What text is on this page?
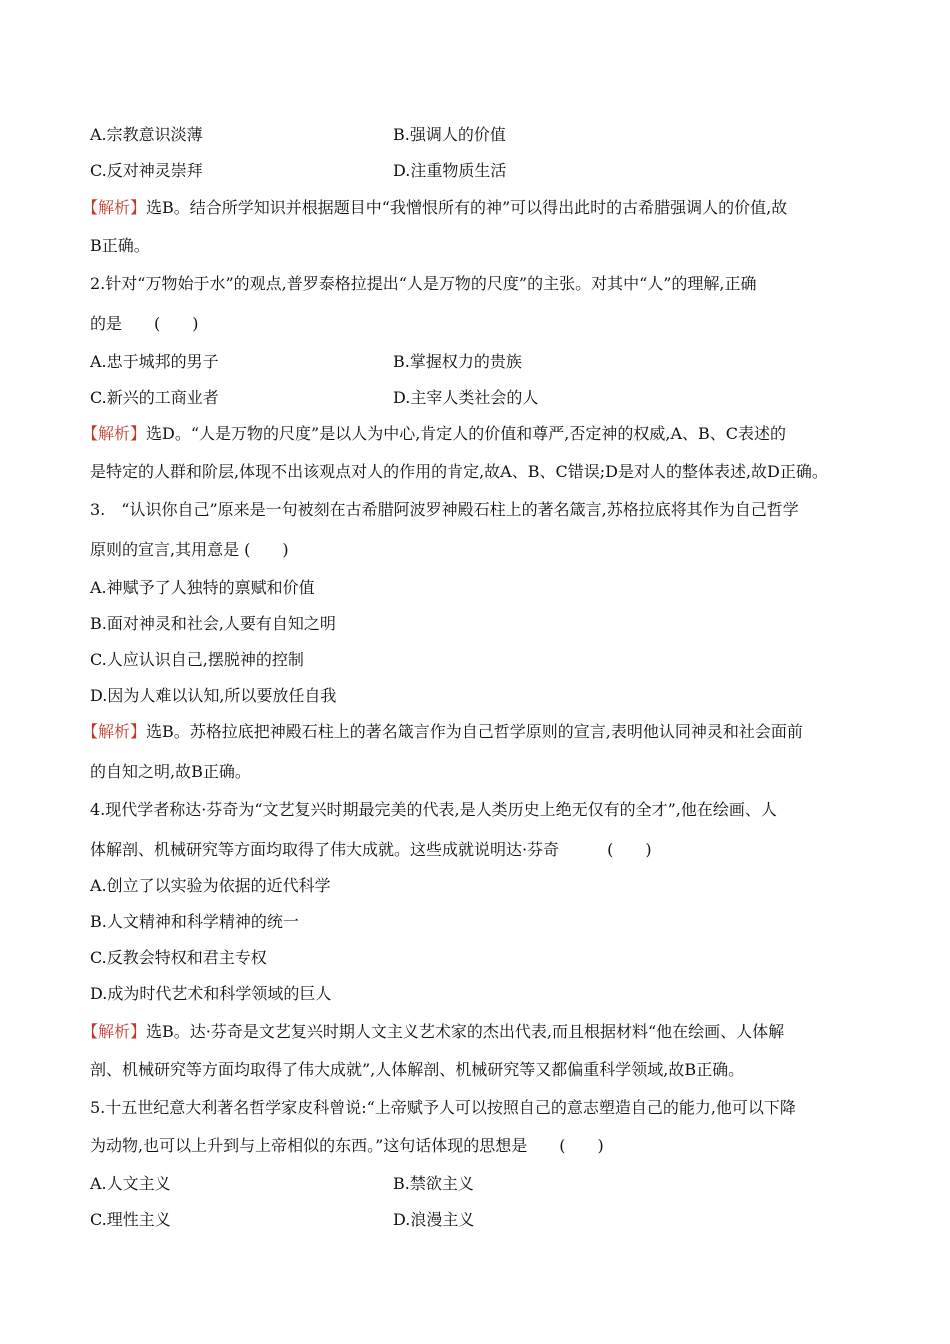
A.宗教意识淡薄	B.强调人的价值
C.反对神灵崇拜	D.注重物质生活
【解析】选B。结合所学知识并根据题目中“我憎恨所有的神”可以得出此时的古希腊强调人的价值,故
B正确。
2.针对“万物始于水”的观点,普罗泰格拉提出“人是万物的尺度”的主张。对其中“人”的理解,正确
的是　　(　　)
A.忠于城邦的男子	B.掌握权力的贵族
C.新兴的工商业者	D.主宰人类社会的人
【解析】选D。“人是万物的尺度”是以人为中心,肯定人的价值和尊严,否定神的权威,A、B、C表述的
是特定的人群和阶层,体现不出该观点对人的作用的肯定,故A、B、C错误;D是对人的整体表述,故D正确。
3.　“认识你自己”原来是一句被刻在古希腊阿波罗神殿石柱上的著名箴言,苏格拉底将其作为自己哲学
原则的宣言,其用意是 (　　)
A.神赋予了人独特的禀赋和价值
B.面对神灵和社会,人要有自知之明
C.人应认识自己,摆脱神的控制
D.因为人难以认知,所以要放任自我
【解析】选B。苏格拉底把神殿石柱上的著名箴言作为自己哲学原则的宣言,表明他认同神灵和社会面前
的自知之明,故B正确。
4.现代学者称达·芬奇为“文艺复兴时期最完美的代表,是人类历史上绝无仅有的全才”,他在绘画、人
体解剖、机械研究等方面均取得了伟大成就。这些成就说明达·芬奇　　　(　　)
A.创立了以实验为依据的近代科学
B.人文精神和科学精神的统一
C.反教会特权和君主专权
D.成为时代艺术和科学领域的巨人
【解析】选B。达·芬奇是文艺复兴时期人文主义艺术家的杰出代表,而且根据材料“他在绘画、人体解
剖、机械研究等方面均取得了伟大成就”,人体解剖、机械研究等又都偏重科学领域,故B正确。
5.十五世纪意大利著名哲学家皮科曾说:“上帝赋予人可以按照自己的意志塑造自己的能力,他可以下降
为动物,也可以上升到与上帝相似的东西。”这句话体现的思想是　　(　　)
A.人文主义	B.禁欲主义
C.理性主义	D.浪漫主义
